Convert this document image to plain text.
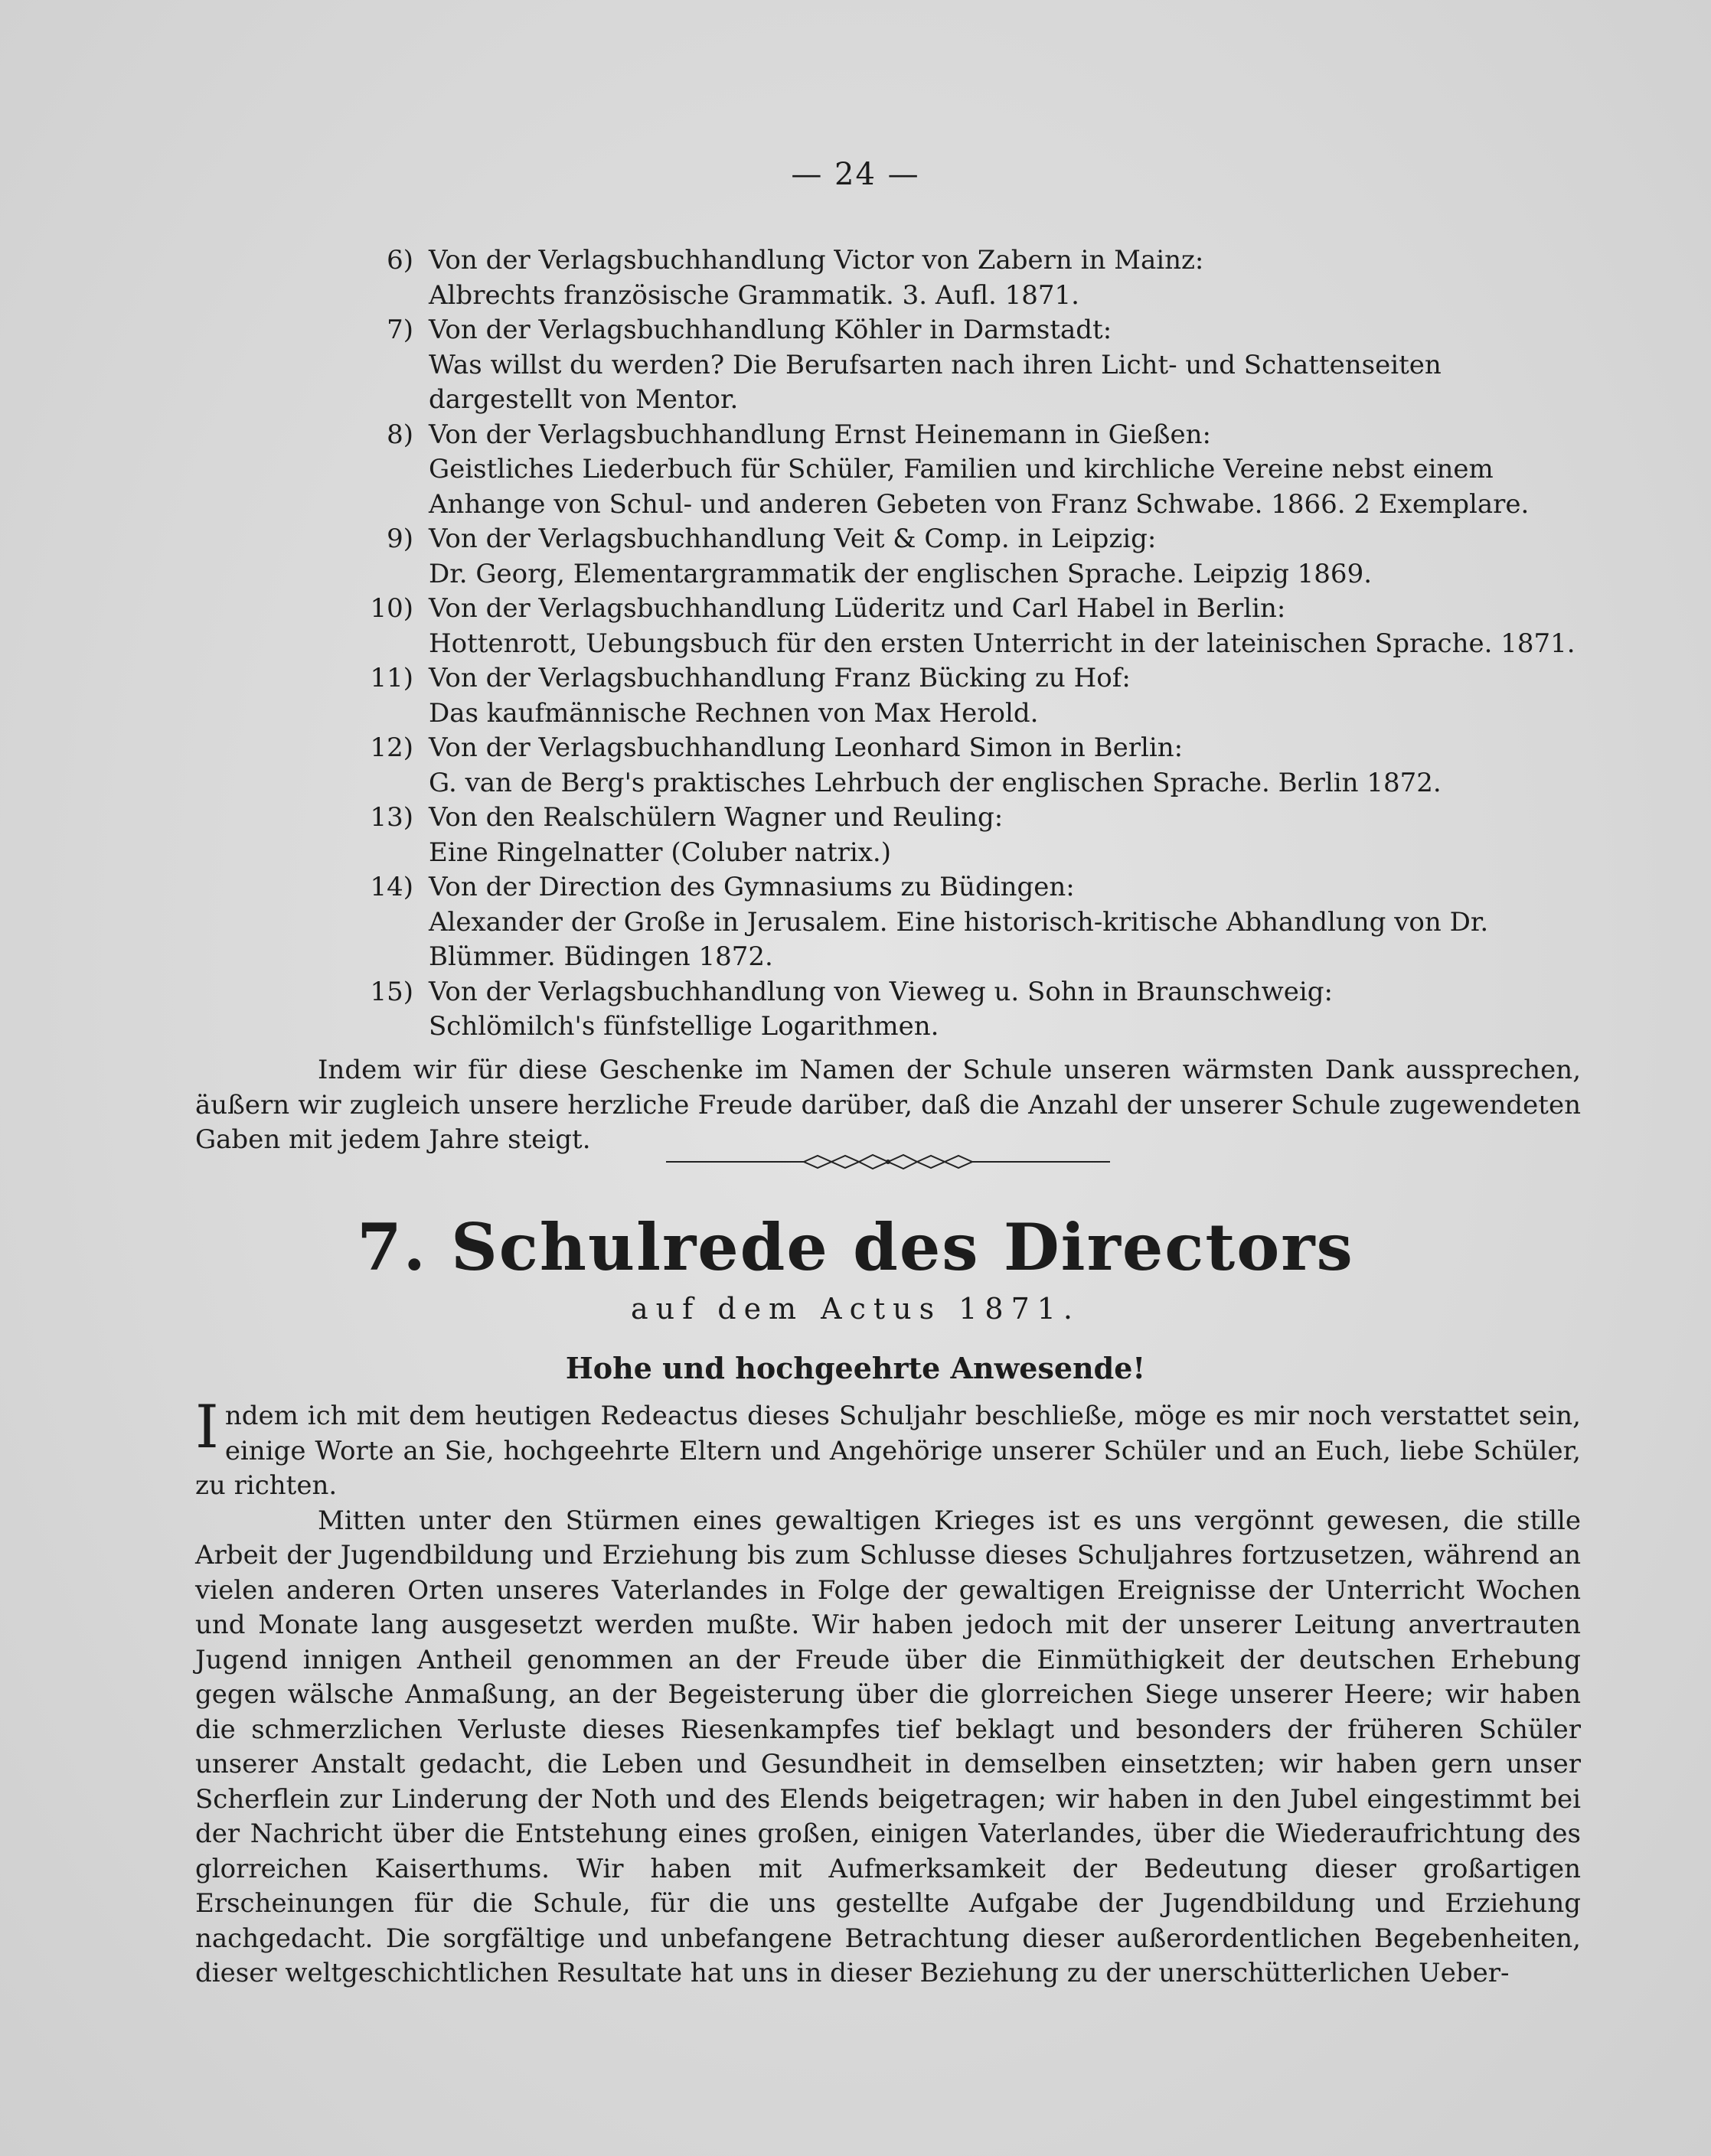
— 24 —
6) Von der Verlagsbuchhandlung Victor von Zabern in Mainz:
Albrechts französische Grammatik. 3. Aufl. 1871.
7) Von der Verlagsbuchhandlung Köhler in Darmstadt:
Was willst du werden? Die Berufsarten nach ihren Licht- und Schattenseiten dargestellt von Mentor.
8) Von der Verlagsbuchhandlung Ernst Heinemann in Gießen:
Geistliches Liederbuch für Schüler, Familien und kirchliche Vereine nebst einem Anhange von Schul- und anderen Gebeten von Franz Schwabe. 1866. 2 Exemplare.
9) Von der Verlagsbuchhandlung Veit & Comp. in Leipzig:
Dr. Georg, Elementargrammatik der englischen Sprache. Leipzig 1869.
10) Von der Verlagsbuchhandlung Lüderitz und Carl Habel in Berlin:
Hottenrott, Uebungsbuch für den ersten Unterricht in der lateinischen Sprache. 1871.
11) Von der Verlagsbuchhandlung Franz Bücking zu Hof:
Das kaufmännische Rechnen von Max Herold.
12) Von der Verlagsbuchhandlung Leonhard Simon in Berlin:
G. van de Berg's praktisches Lehrbuch der englischen Sprache. Berlin 1872.
13) Von den Realschülern Wagner und Reuling:
Eine Ringelnatter (Coluber natrix.)
14) Von der Direction des Gymnasiums zu Büdingen:
Alexander der Große in Jerusalem. Eine historisch-kritische Abhandlung von Dr. Blümmer. Büdingen 1872.
15) Von der Verlagsbuchhandlung von Vieweg u. Sohn in Braunschweig:
Schlömilch's fünfstellige Logarithmen.

Indem wir für diese Geschenke im Namen der Schule unseren wärmsten Dank aussprechen, äußern wir zugleich unsere herzliche Freude darüber, daß die Anzahl der unserer Schule zugewendeten Gaben mit jedem Jahre steigt.

7. Schulrede des Directors
auf dem Actus 1871.
Hohe und hochgeehrte Anwesende!

Indem ich mit dem heutigen Redeactus dieses Schuljahr beschließe, möge es mir noch verstattet sein, einige Worte an Sie, hochgeehrte Eltern und Angehörige unserer Schüler und an Euch, liebe Schüler, zu richten.

Mitten unter den Stürmen eines gewaltigen Krieges ist es uns vergönnt gewesen, die stille Arbeit der Jugendbildung und Erziehung bis zum Schlusse dieses Schuljahres fortzusetzen, während an vielen anderen Orten unseres Vaterlandes in Folge der gewaltigen Ereignisse der Unterricht Wochen und Monate lang ausgesetzt werden mußte. Wir haben jedoch mit der unserer Leitung anvertrauten Jugend innigen Antheil genommen an der Freude über die Einmüthigkeit der deutschen Erhebung gegen wälsche Anmaßung, an der Begeisterung über die glorreichen Siege unserer Heere; wir haben die schmerzlichen Verluste dieses Riesenkampfes tief beklagt und besonders der früheren Schüler unserer Anstalt gedacht, die Leben und Gesundheit in demselben einsetzten; wir haben gern unser Scherflein zur Linderung der Noth und des Elends beigetragen; wir haben in den Jubel eingestimmt bei der Nachricht über die Entstehung eines großen, einigen Vaterlandes, über die Wiederaufrichtung des glorreichen Kaiserthums. Wir haben mit Aufmerksamkeit der Bedeutung dieser großartigen Erscheinungen für die Schule, für die uns gestellte Aufgabe der Jugendbildung und Erziehung nachgedacht. Die sorgfältige und unbefangene Betrachtung dieser außerordentlichen Begebenheiten, dieser weltgeschichtlichen Resultate hat uns in dieser Beziehung zu der unerschütterlichen Ueber-
